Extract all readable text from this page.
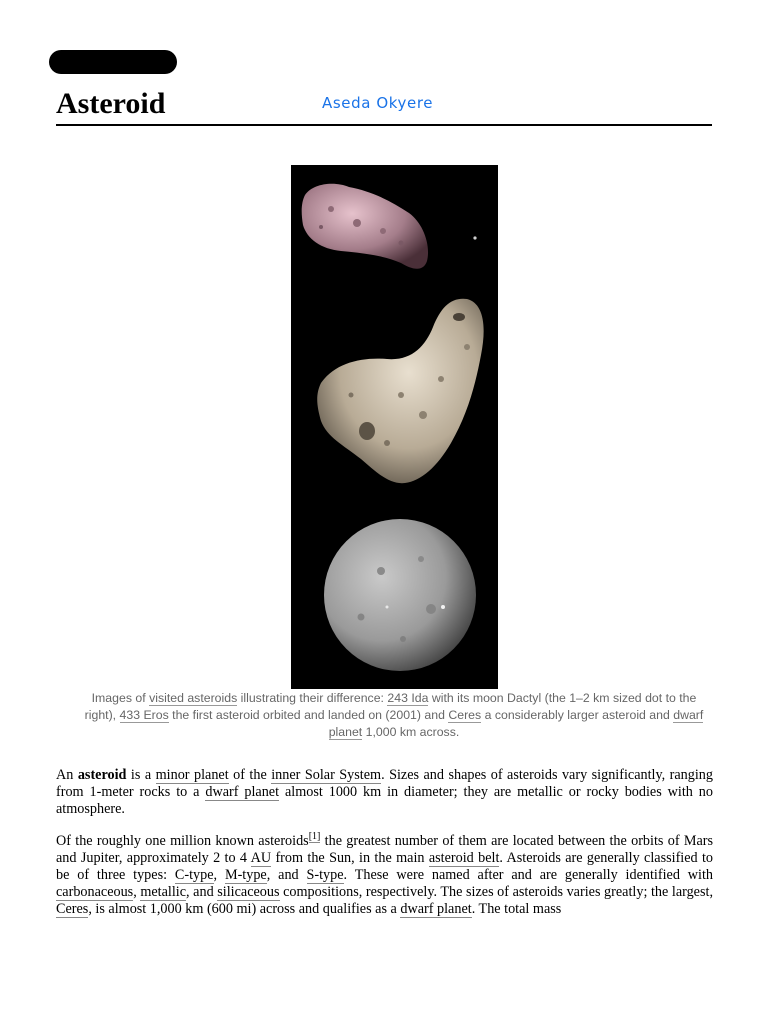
Asteroid	Aseda Okyere

Images of visited asteroids illustrating their difference: 243 Ida with its moon Dactyl (the 1–2 km sized dot to the right), 433 Eros the first asteroid orbited and landed on (2001) and Ceres a considerably larger asteroid and dwarf planet 1,000 km across.

An asteroid is a minor planet of the inner Solar System. Sizes and shapes of asteroids vary significantly, ranging from 1-meter rocks to a dwarf planet almost 1000 km in diameter; they are metallic or rocky bodies with no atmosphere.

Of the roughly one million known asteroids[1] the greatest number of them are located between the orbits of Mars and Jupiter, approximately 2 to 4 AU from the Sun, in the main asteroid belt. Asteroids are generally classified to be of three types: C-type, M-type, and S-type. These were named after and are generally identified with carbonaceous, metallic, and silicaceous compositions, respectively. The sizes of asteroids varies greatly; the largest, Ceres, is almost 1,000 km (600 mi) across and qualifies as a dwarf planet. The total mass
